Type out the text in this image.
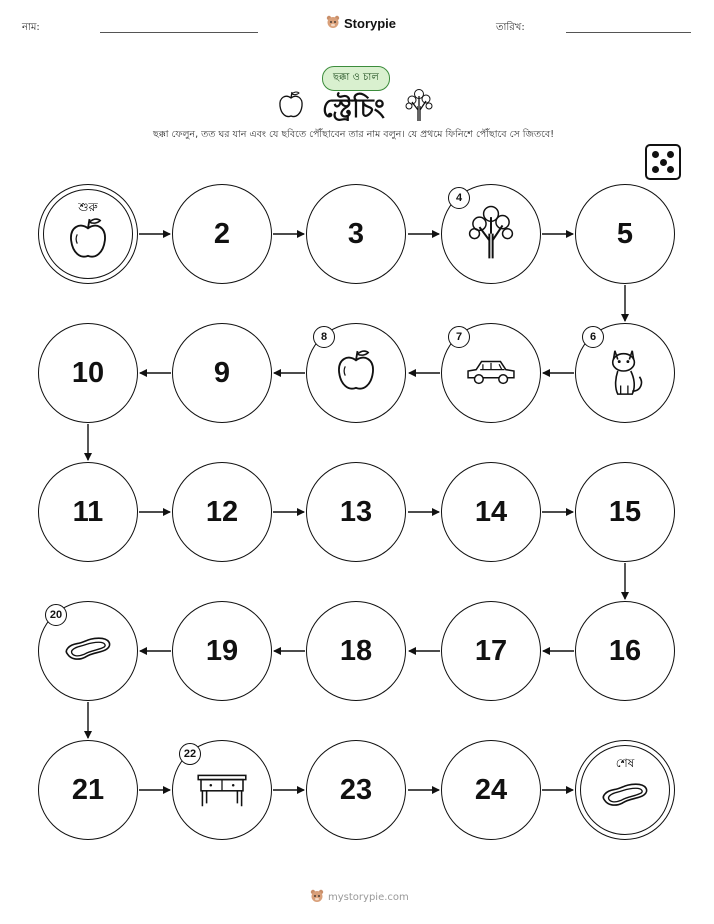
নাম:	Storypie	তারিখ:
ছক্কা ও চাল
স্ট্রেচিং
ছক্কা ফেলুন, তত ঘর যান এবং যে ছবিতে পৌঁছাবেন তার নাম বলুন। যে প্রথমে ফিনিশে পৌঁছাবে সে জিতবে!
শুরু
2	3
4
5
6
7
8
9
10
11	12	13	14	15
16
17
18
19
20
21
22
23	24
শেষ
mystorypie.com
